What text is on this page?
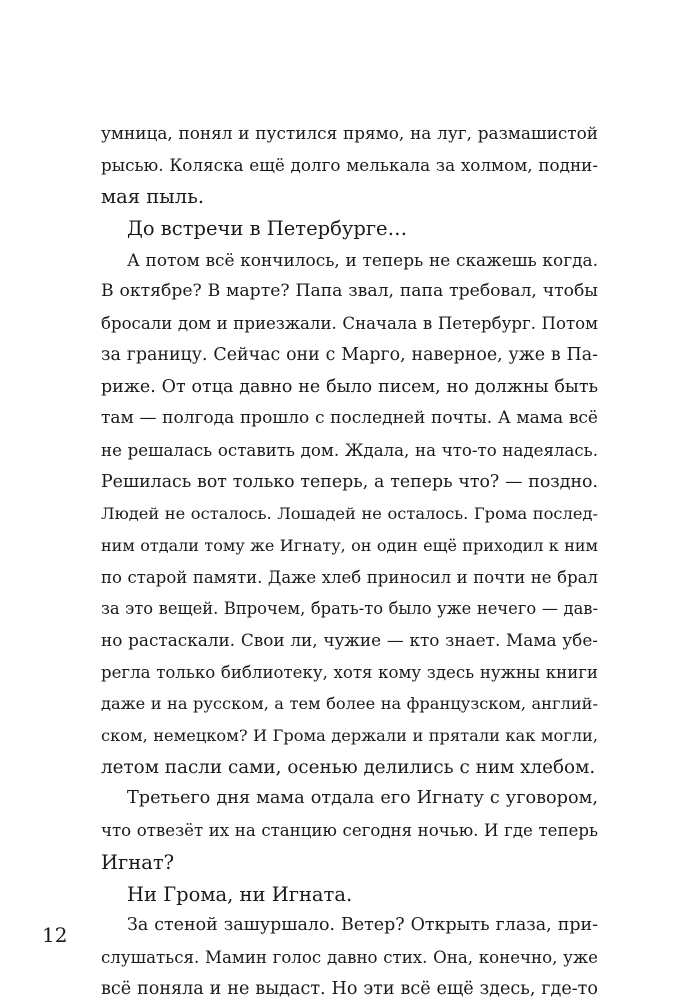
умница, понял и пустился прямо, на луг, размашистой
рысью. Коляска ещё долго мелькала за холмом, подни-
мая пыль.
До встречи в Петербурге…
А потом всё кончилось, и теперь не скажешь когда.
В октябре? В марте? Папа звал, папа требовал, чтобы
бросали дом и приезжали. Сначала в Петербург. Потом
за границу. Сейчас они с Марго, наверное, уже в Па-
риже. От отца давно не было писем, но должны быть
там — полгода прошло с последней почты. А мама всё
не решалась оставить дом. Ждала, на что-то надеялась.
Решилась вот только теперь, а теперь что? — поздно.
Людей не осталось. Лошадей не осталось. Грома послед-
ним отдали тому же Игнату, он один ещё приходил к ним
по старой памяти. Даже хлеб приносил и почти не брал
за это вещей. Впрочем, брать-то было уже нечего — дав-
но растаскали. Свои ли, чужие — кто знает. Мама убе-
регла только библиотеку, хотя кому здесь нужны книги
даже и на русском, а тем более на французском, англий-
ском, немецком? И Грома держали и прятали как могли,
летом пасли сами, осенью делились с ним хлебом.
Третьего дня мама отдала его Игнату с уговором,
что отвезёт их на станцию сегодня ночью. И где теперь
Игнат?
Ни Грома, ни Игната.
За стеной зашуршало. Ветер? Открыть глаза, при-
слушаться. Мамин голос давно стих. Она, конечно, уже
всё поняла и не выдаст. Но эти всё ещё здесь, где-то
12
